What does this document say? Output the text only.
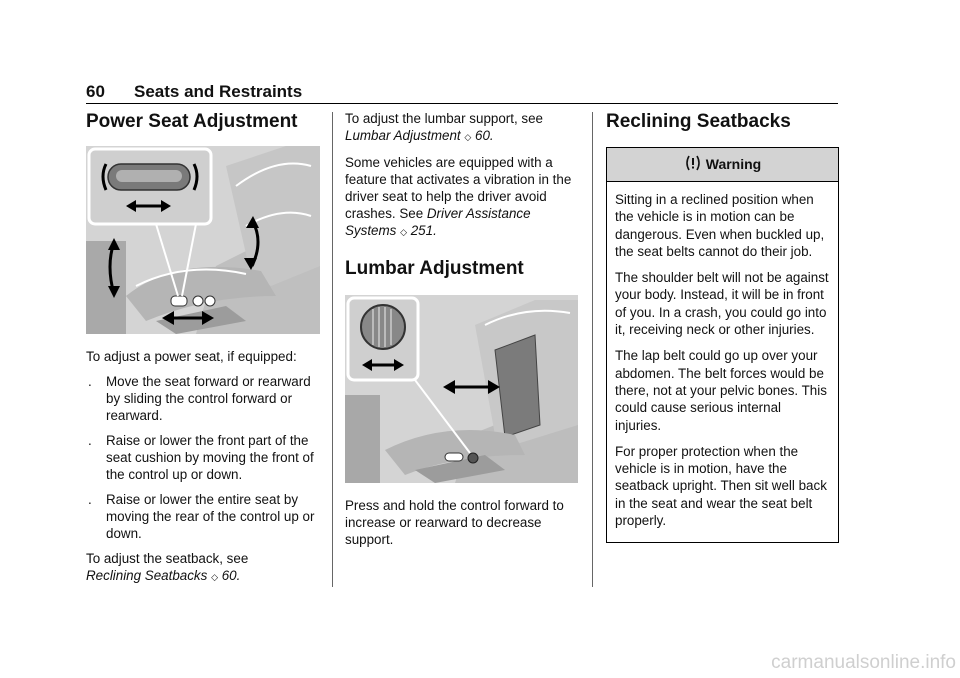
60 Seats and Restraints
Power Seat Adjustment

To adjust a power seat, if equipped:

. Move the seat forward or rearward by sliding the control forward or rearward.
. Raise or lower the front part of the seat cushion by moving the front of the control up or down.
. Raise or lower the entire seat by moving the rear of the control up or down.

To adjust the seatback, see
Reclining Seatbacks ◇ 60.

To adjust the lumbar support, see
Lumbar Adjustment ◇ 60.

Some vehicles are equipped with a feature that activates a vibration in the driver seat to help the driver avoid crashes. See Driver Assistance Systems ◇ 251.

Lumbar Adjustment

Press and hold the control forward to increase or rearward to decrease support.

Reclining Seatbacks
Warning

Sitting in a reclined position when the vehicle is in motion can be dangerous. Even when buckled up, the seat belts cannot do their job.

The shoulder belt will not be against your body. Instead, it will be in front of you. In a crash, you could go into it, receiving neck or other injuries.

The lap belt could go up over your abdomen. The belt forces would be there, not at your pelvic bones. This could cause serious internal injuries.

For proper protection when the vehicle is in motion, have the seatback upright. Then sit well back in the seat and wear the seat belt properly.

carmanualsonline.info
